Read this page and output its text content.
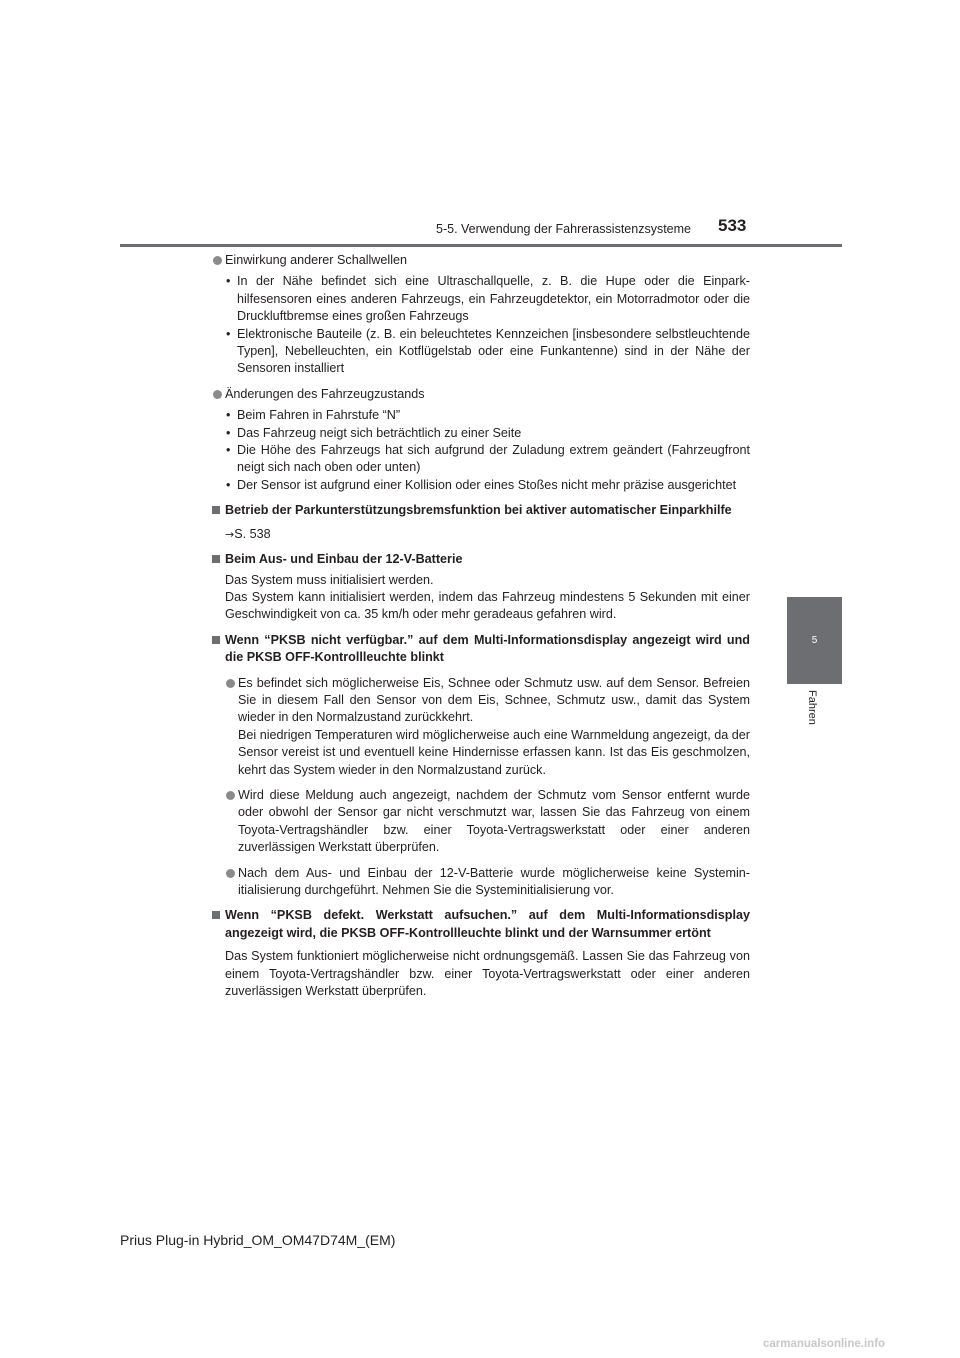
5-5. Verwendung der Fahrerassistenzsysteme 533
5
Fahren
Einwirkung anderer Schallwellen
• In der Nähe befindet sich eine Ultraschallquelle, z. B. die Hupe oder die Einparkhilfesensoren eines anderen Fahrzeugs, ein Fahrzeugdetektor, ein Motorradmotor oder die Druckluftbremse eines großen Fahrzeugs
• Elektronische Bauteile (z. B. ein beleuchtetes Kennzeichen [insbesondere selbstleuchtende Typen], Nebelleuchten, ein Kotflügelstab oder eine Funkantenne) sind in der Nähe der Sensoren installiert
Änderungen des Fahrzeugzustands
• Beim Fahren in Fahrstufe “N”
• Das Fahrzeug neigt sich beträchtlich zu einer Seite
• Die Höhe des Fahrzeugs hat sich aufgrund der Zuladung extrem geändert (Fahrzeugfront neigt sich nach oben oder unten)
• Der Sensor ist aufgrund einer Kollision oder eines Stoßes nicht mehr präzise ausgerichtet
Betrieb der Parkunterstützungsbremsfunktion bei aktiver automatischer Einparkhilfe
→S. 538
Beim Aus- und Einbau der 12-V-Batterie
Das System muss initialisiert werden.
Das System kann initialisiert werden, indem das Fahrzeug mindestens 5 Sekunden mit einer Geschwindigkeit von ca. 35 km/h oder mehr geradeaus gefahren wird.
Wenn “PKSB nicht verfügbar.” auf dem Multi-Informationsdisplay angezeigt wird und die PKSB OFF-Kontrollleuchte blinkt
Es befindet sich möglicherweise Eis, Schnee oder Schmutz usw. auf dem Sensor. Befreien Sie in diesem Fall den Sensor von dem Eis, Schnee, Schmutz usw., damit das System wieder in den Normalzustand zurückkehrt.
Bei niedrigen Temperaturen wird möglicherweise auch eine Warnmeldung angezeigt, da der Sensor vereist ist und eventuell keine Hindernisse erfassen kann. Ist das Eis geschmolzen, kehrt das System wieder in den Normalzustand zurück.
Wird diese Meldung auch angezeigt, nachdem der Schmutz vom Sensor entfernt wurde oder obwohl der Sensor gar nicht verschmutzt war, lassen Sie das Fahrzeug von einem Toyota-Vertragshändler bzw. einer Toyota-Vertragswerkstatt oder einer anderen zuverlässigen Werkstatt überprüfen.
Nach dem Aus- und Einbau der 12-V-Batterie wurde möglicherweise keine Systeminitialisierung durchgeführt. Nehmen Sie die Systeminitialisierung vor.
Wenn “PKSB defekt. Werkstatt aufsuchen.” auf dem Multi-Informationsdisplay angezeigt wird, die PKSB OFF-Kontrollleuchte blinkt und der Warnsummer ertönt
Das System funktioniert möglicherweise nicht ordnungsgemäß. Lassen Sie das Fahrzeug von einem Toyota-Vertragshändler bzw. einer Toyota-Vertragswerkstatt oder einer anderen zuverlässigen Werkstatt überprüfen.
Prius Plug-in Hybrid_OM_OM47D74M_(EM)
carmanualsonline.info
